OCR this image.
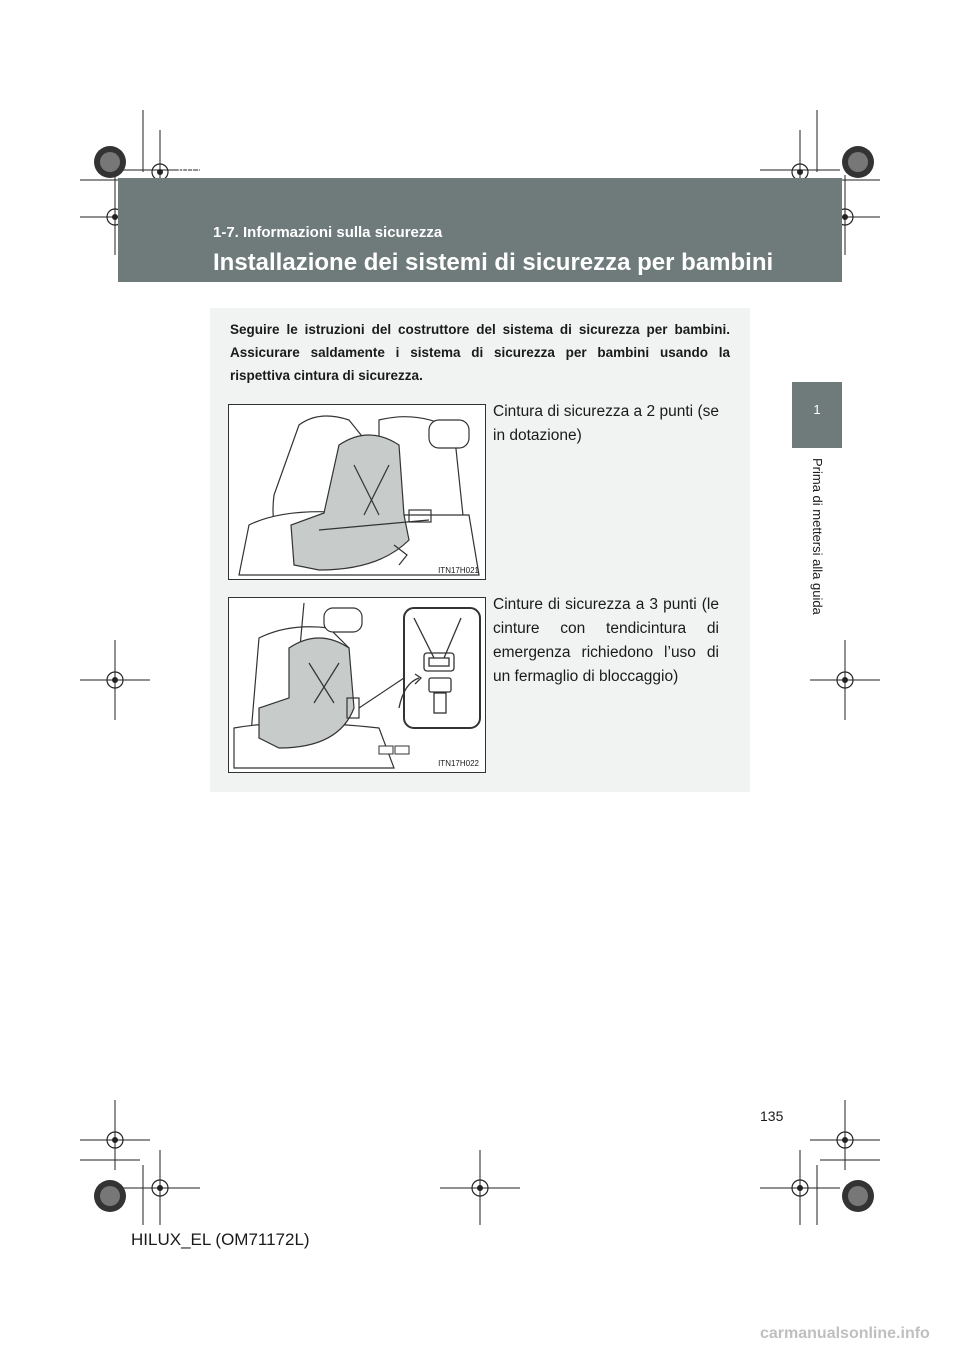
HILUX_EL.book Page 135 Wednesday, March 23, 2011 3:30 PM
1-7. Informazioni sulla sicurezza
Installazione dei sistemi di sicurezza per bambini
1
Prima di mettersi alla guida
Seguire le istruzioni del costruttore del sistema di sicurezza per bambini. Assicurare saldamente i sistema di sicurezza per bambini usando la rispettiva cintura di sicurezza.
ITN17H021
Cintura di sicurezza a 2 punti (se in dotazione)
ITN17H022
Cinture di sicurezza a 3 punti (le cinture con tendicintura di emergenza richiedono l’uso di un fermaglio di bloccaggio)
135
HILUX_EL (OM71172L)
carmanualsonline.info
